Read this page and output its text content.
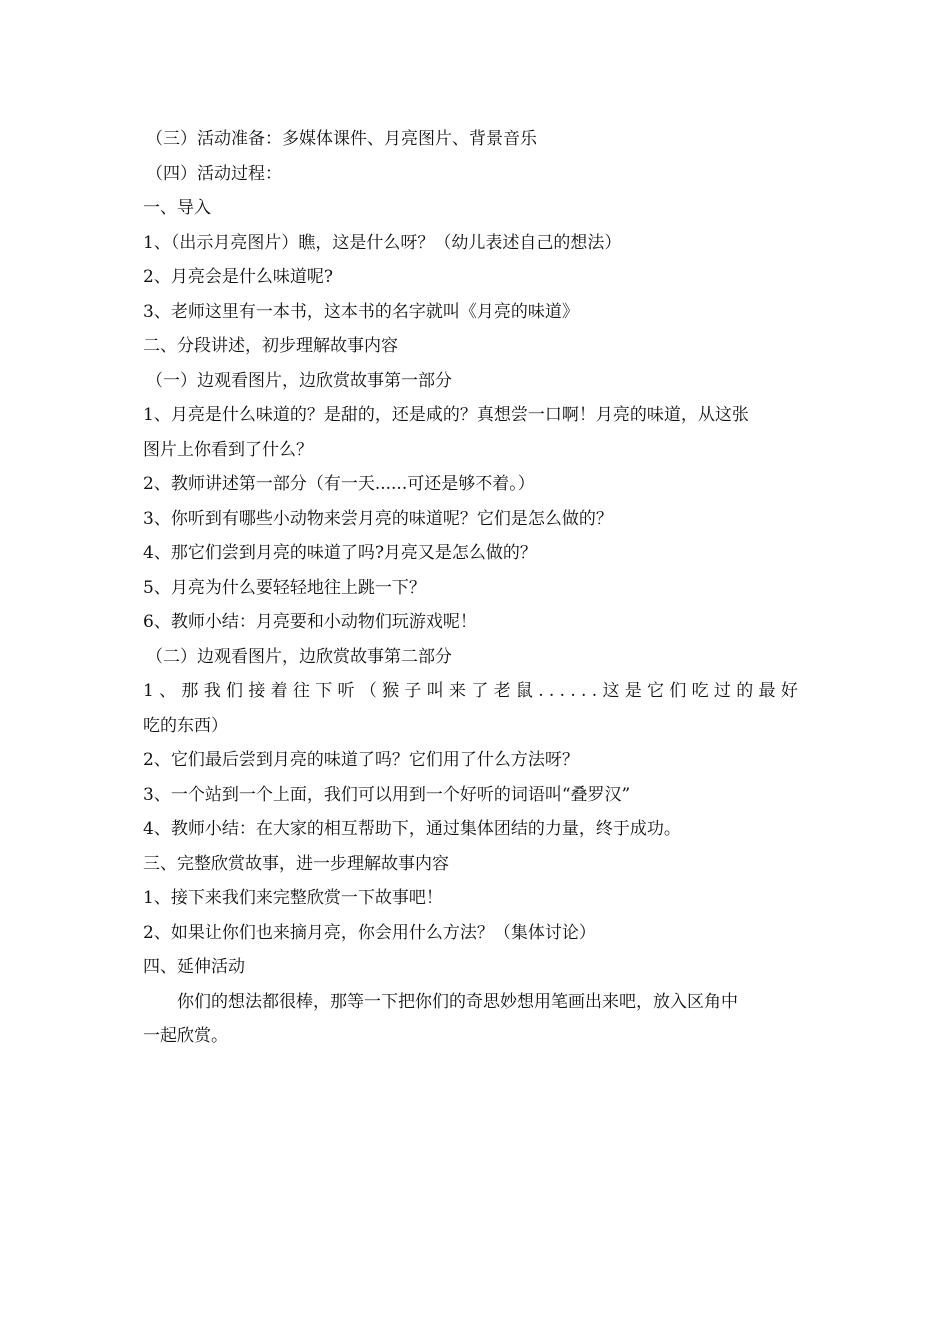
（三）活动准备：多媒体课件、月亮图片、背景音乐

（四）活动过程：

一、导入

1、（出示月亮图片）瞧，这是什么呀？（幼儿表述自己的想法）

2、月亮会是什么味道呢?

3、老师这里有一本书，这本书的名字就叫《月亮的味道》

二、分段讲述，初步理解故事内容

（一）边观看图片，边欣赏故事第一部分

1、月亮是什么味道的？是甜的，还是咸的？真想尝一口啊！月亮的味道，从这张

图片上你看到了什么？

2、教师讲述第一部分（有一天......可还是够不着。）

3、你听到有哪些小动物来尝月亮的味道呢？它们是怎么做的？

4、那它们尝到月亮的味道了吗?月亮又是怎么做的？

5、月亮为什么要轻轻地往上跳一下？

6、教师小结：月亮要和小动物们玩游戏呢！

（二）边观看图片，边欣赏故事第二部分

1、那我们接着往下听（猴子叫来了老鼠......这是它们吃过的最好

吃的东西）

2、它们最后尝到月亮的味道了吗？它们用了什么方法呀？

3、一个站到一个上面，我们可以用到一个好听的词语叫“叠罗汉”

4、教师小结：在大家的相互帮助下，通过集体团结的力量，终于成功。

三、完整欣赏故事，进一步理解故事内容

1、接下来我们来完整欣赏一下故事吧！

2、如果让你们也来摘月亮，你会用什么方法？（集体讨论）

四、延伸活动

你们的想法都很棒，那等一下把你们的奇思妙想用笔画出来吧，放入区角中

一起欣赏。
